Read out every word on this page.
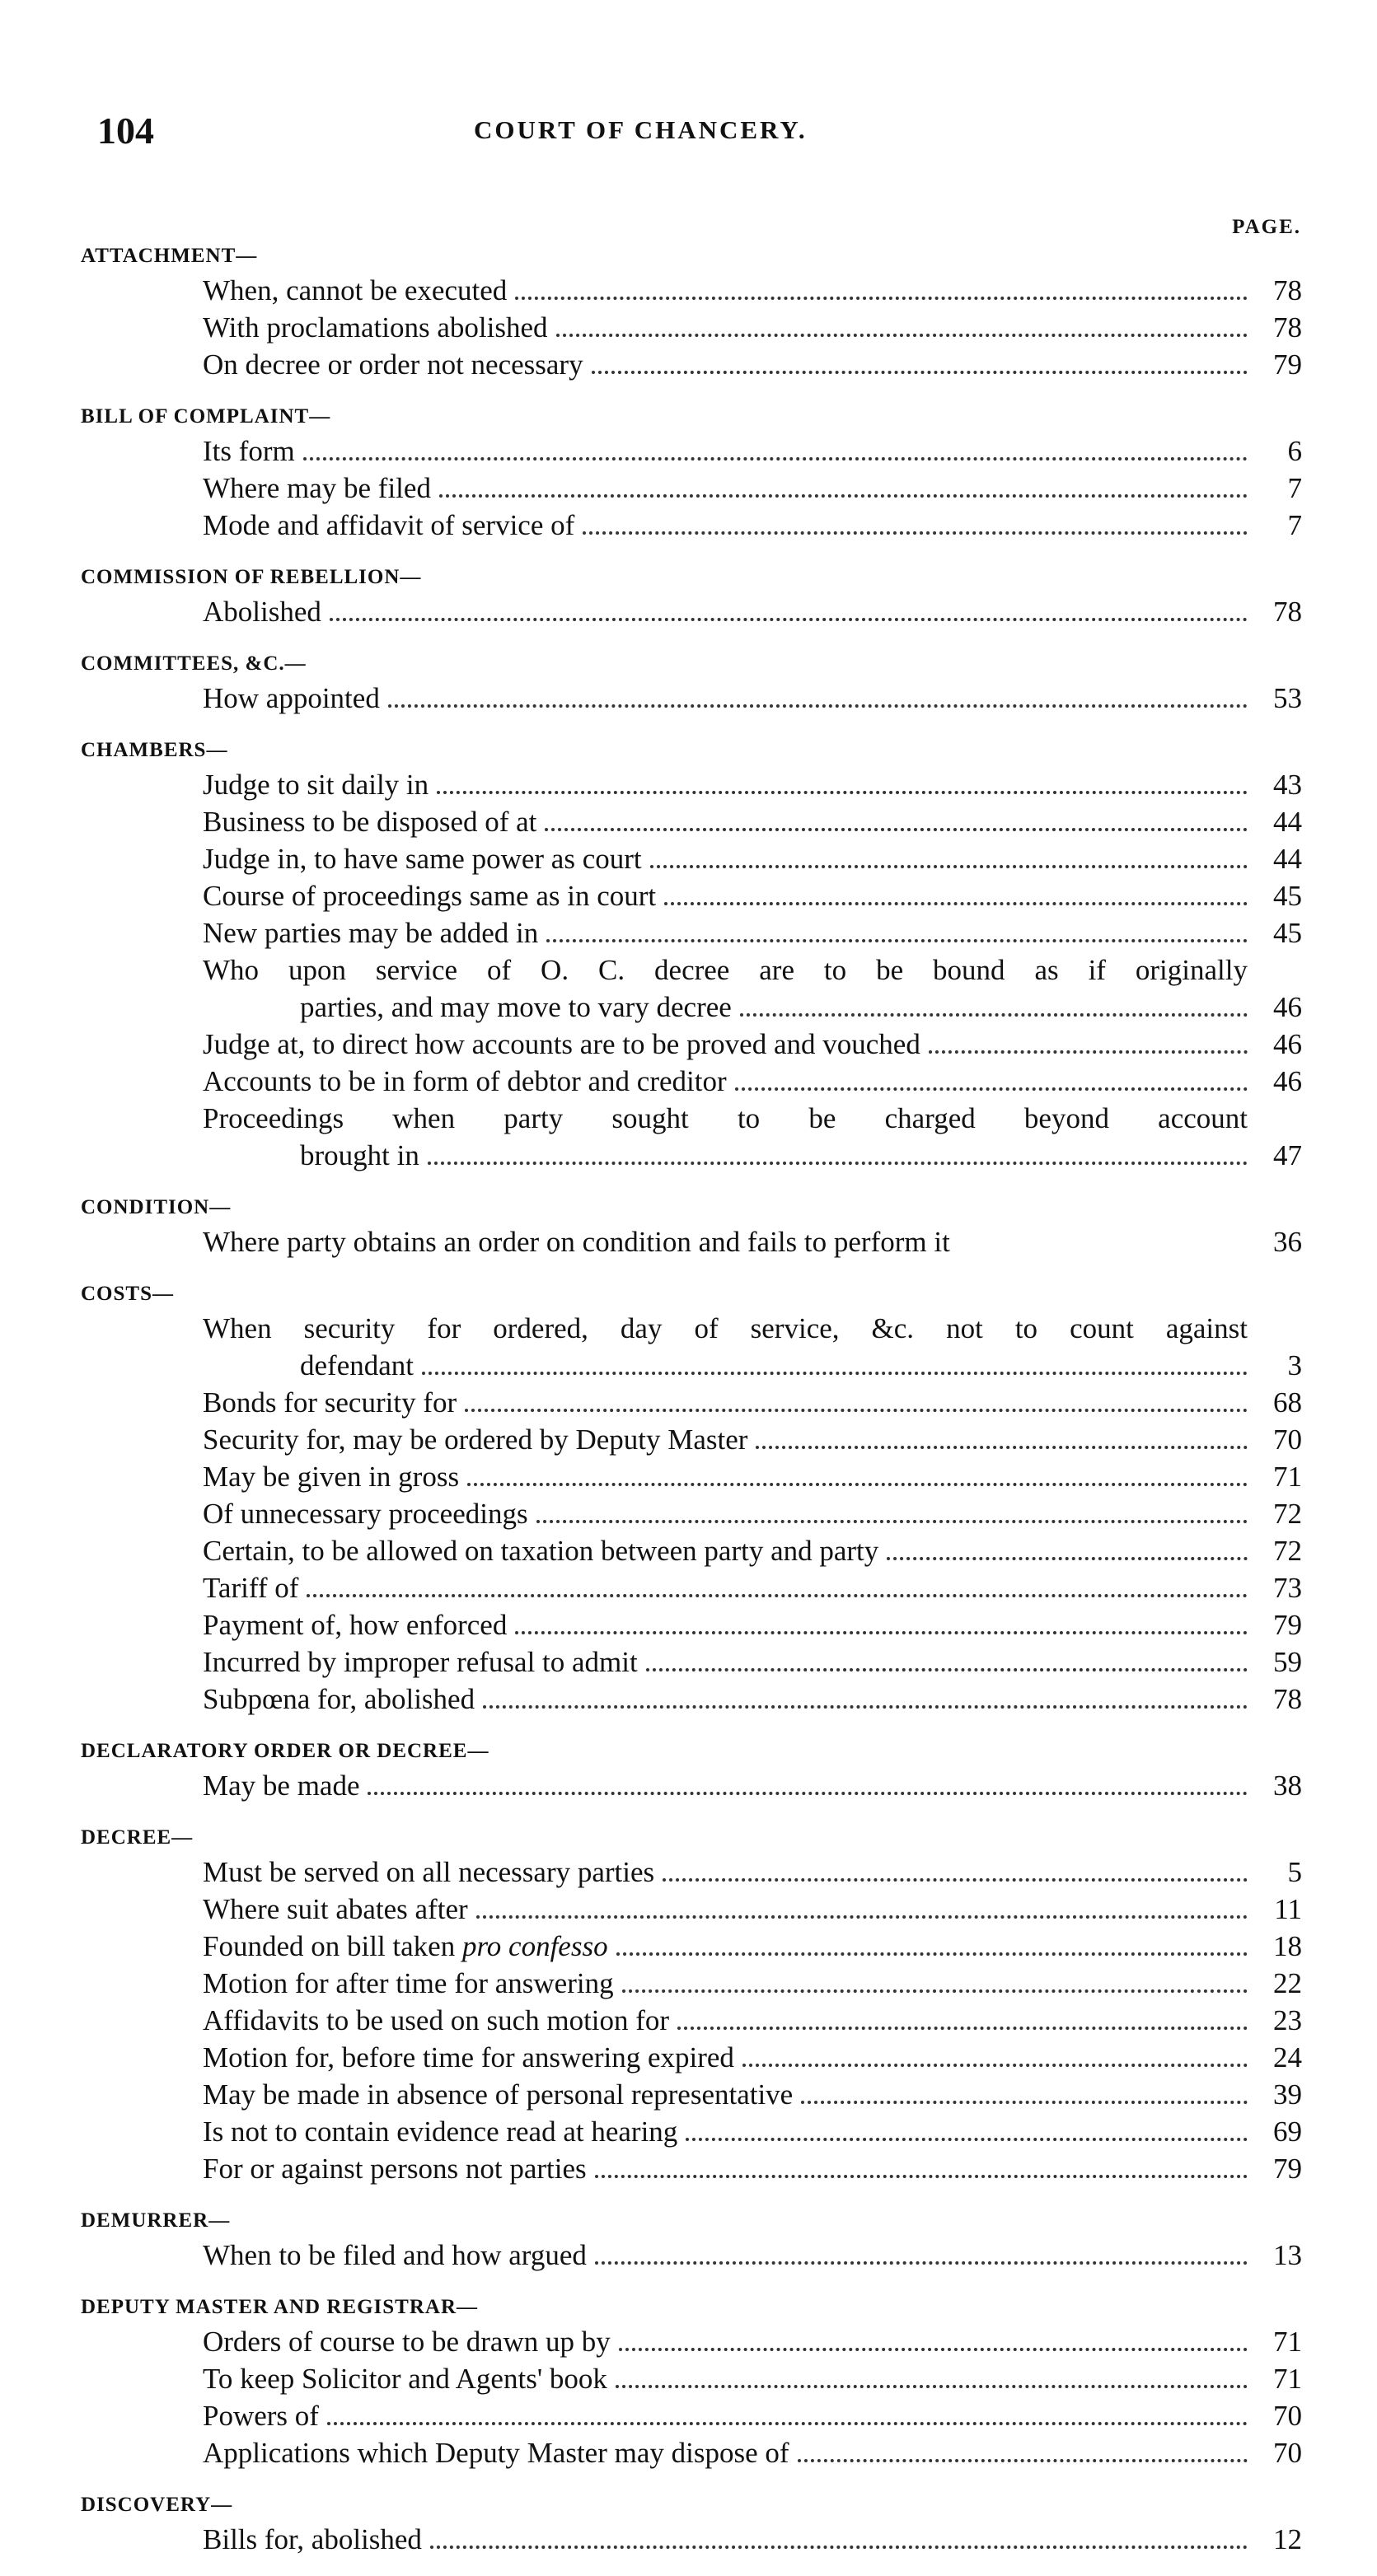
104	COURT OF CHANCERY.
PAGE.
ATTACHMENT—
When, cannot be executed	78
With proclamations abolished	78
On decree or order not necessary	79
BILL OF COMPLAINT—
Its form	6
Where may be filed	7
Mode and affidavit of service of	7
COMMISSION OF REBELLION—
Abolished	78
COMMITTEES, &C.—
How appointed	53
CHAMBERS—
Judge to sit daily in	43
Business to be disposed of at	44
Judge in, to have same power as court	44
Course of proceedings same as in court	45
New parties may be added in	45
Who upon service of O. C. decree are to be bound as if originally
parties, and may move to vary decree	46
Judge at, to direct how accounts are to be proved and vouched	46
Accounts to be in form of debtor and creditor	46
Proceedings when party sought to be charged beyond account
brought in	47
CONDITION—
Where party obtains an order on condition and fails to perform it	36
COSTS—
When security for ordered, day of service, &c. not to count against
defendant	3
Bonds for security for	68
Security for, may be ordered by Deputy Master	70
May be given in gross	71
Of unnecessary proceedings	72
Certain, to be allowed on taxation between party and party	72
Tariff of	73
Payment of, how enforced	79
Incurred by improper refusal to admit	59
Subpœna for, abolished	78
DECLARATORY ORDER OR DECREE—
May be made	38
DECREE—
Must be served on all necessary parties	5
Where suit abates after	11
Founded on bill taken pro confesso	18
Motion for after time for answering	22
Affidavits to be used on such motion for	23
Motion for, before time for answering expired	24
May be made in absence of personal representative	39
Is not to contain evidence read at hearing	69
For or against persons not parties	79
DEMURRER—
When to be filed and how argued	13
DEPUTY MASTER AND REGISTRAR—
Orders of course to be drawn up by	71
To keep Solicitor and Agents' book	71
Powers of	70
Applications which Deputy Master may dispose of	70
DISCOVERY—
Bills for, abolished	12
